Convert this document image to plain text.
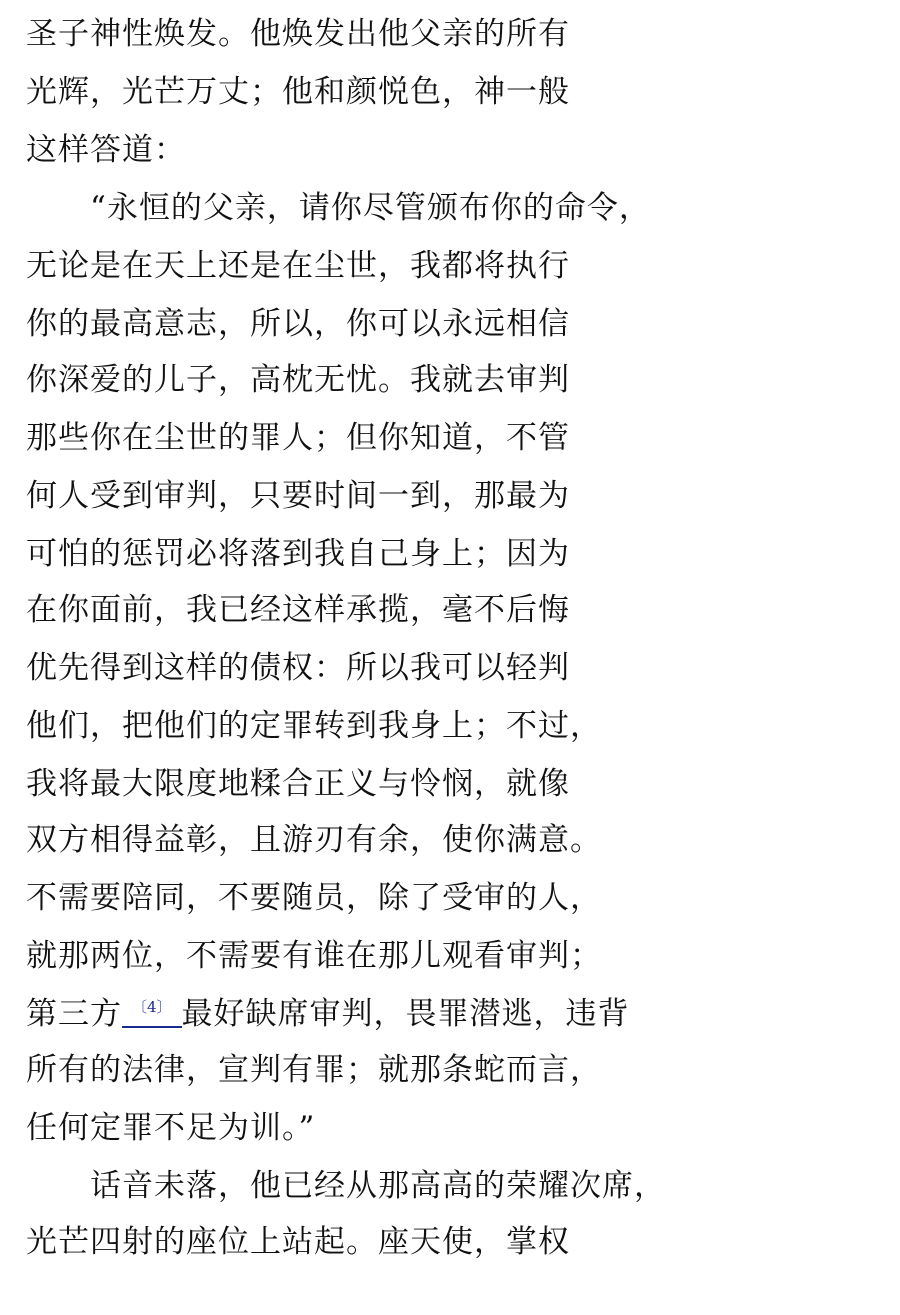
圣子神性焕发。他焕发出他父亲的所有
光辉，光芒万丈；他和颜悦色，神一般
这样答道：
“永恒的父亲，请你尽管颁布你的命令，
无论是在天上还是在尘世，我都将执行
你的最高意志，所以，你可以永远相信
你深爱的儿子，高枕无忧。我就去审判
那些你在尘世的罪人；但你知道，不管
何人受到审判，只要时间一到，那最为
可怕的惩罚必将落到我自己身上；因为
在你面前，我已经这样承揽，毫不后悔
优先得到这样的债权：所以我可以轻判
他们，把他们的定罪转到我身上；不过，
我将最大限度地糅合正义与怜悯，就像
双方相得益彰，且游刃有余，使你满意。
不需要陪同，不要随员，除了受审的人，
就那两位，不需要有谁在那儿观看审判；
第三方 〔4〕 最好缺席审判，畏罪潜逃，违背
所有的法律，宣判有罪；就那条蛇而言，
任何定罪不足为训。”
话音未落，他已经从那高高的荣耀次席，
光芒四射的座位上站起。座天使，掌权
